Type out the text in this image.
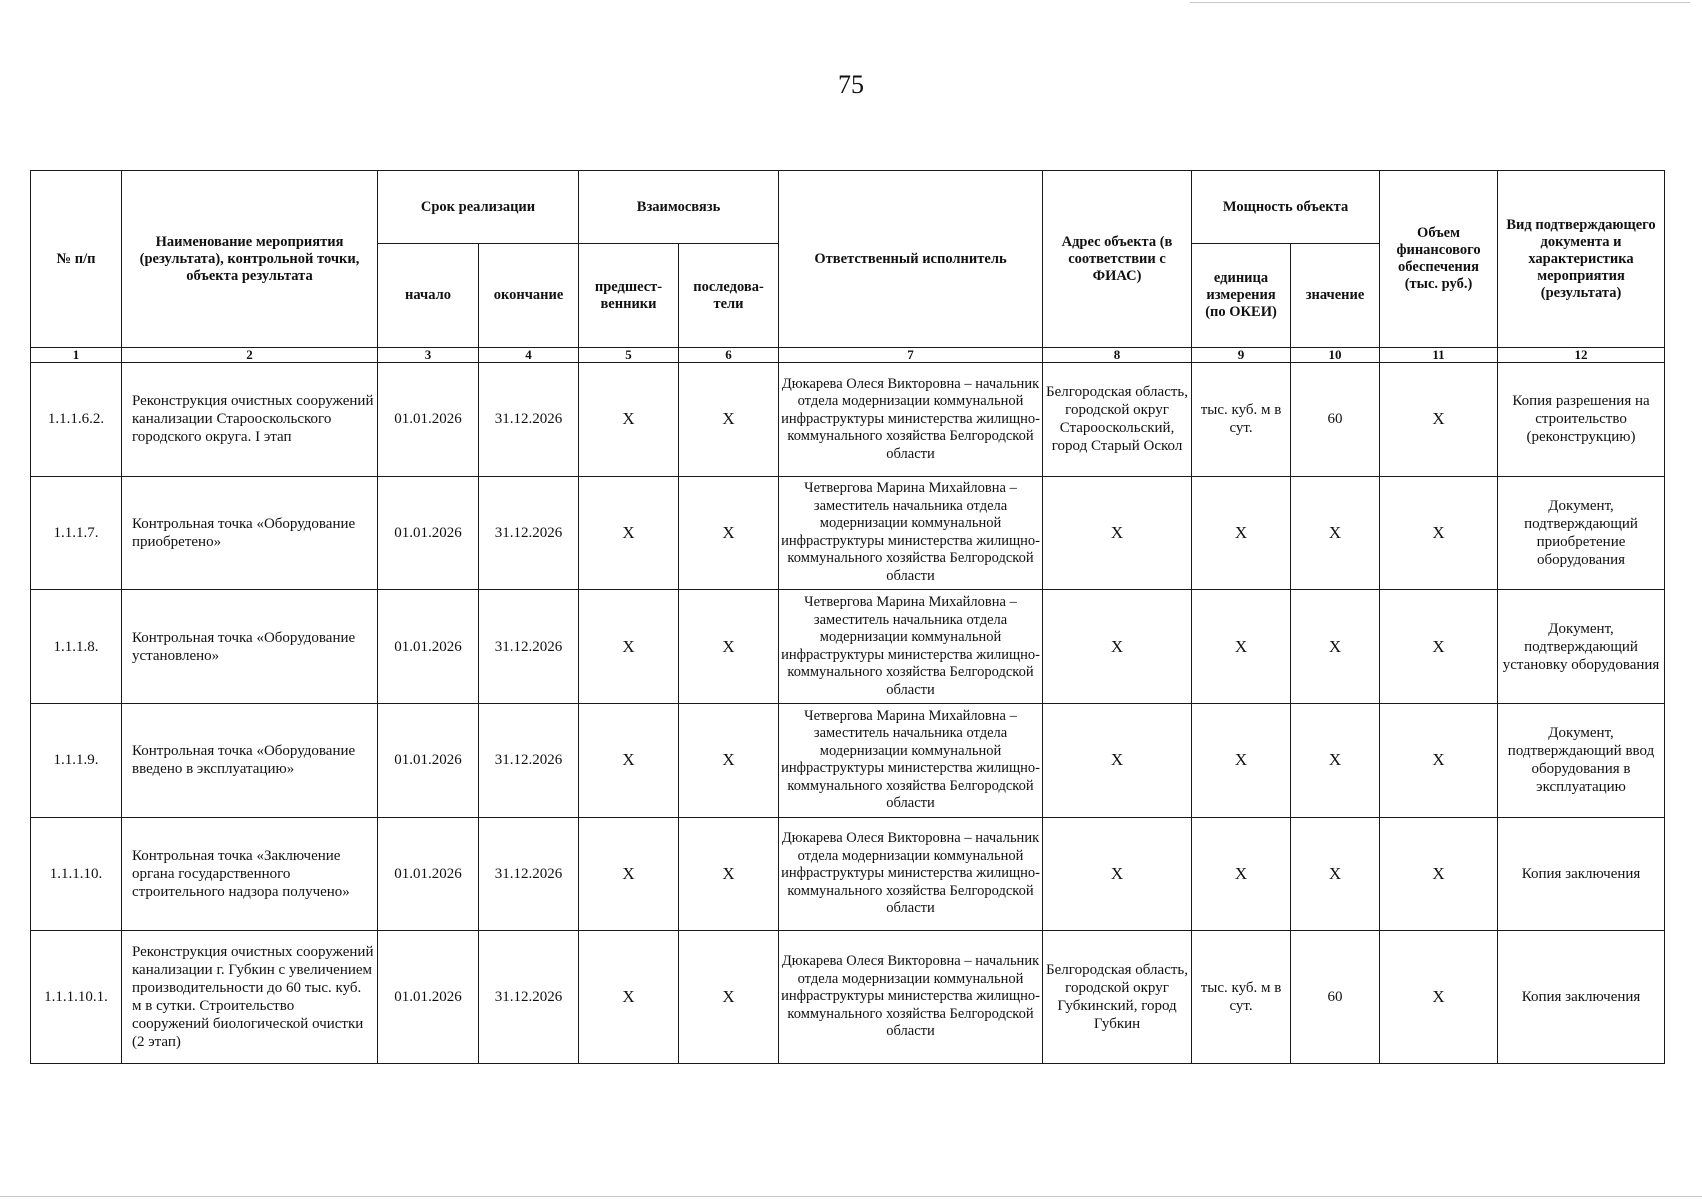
75
№ п/п	Наименование мероприятия (результата), контрольной точки, объекта результата	Срок реализации		Взаимосвязь		Ответственный исполнитель	Адрес объекта (в соответствии с ФИАС)	Мощность объекта		Объем финансового обеспечения (тыс. руб.)	Вид подтверждающего документа и характеристика мероприятия (результата)
		начало	окончание	предшест-венники	последова-тели			единица измерения (по ОКЕИ)	значение		
1	2	3	4	5	6	7	8	9	10	11	12
1.1.1.6.2.	Реконструкция очистных сооружений канализации Старооскольского городского округа. I этап	01.01.2026	31.12.2026	Х	Х	Дюкарева Олеся Викторовна – начальник отдела модернизации коммунальной инфраструктуры министерства жилищно-коммунального хозяйства Белгородской области	Белгородская область, городской округ Старооскольский, город Старый Оскол	тыс. куб. м в сут.	60	Х	Копия разрешения на строительство (реконструкцию)
1.1.1.7.	Контрольная точка «Оборудование приобретено»	01.01.2026	31.12.2026	Х	Х	Четвергова Марина Михайловна – заместитель начальника отдела модернизации коммунальной инфраструктуры министерства жилищно-коммунального хозяйства Белгородской области	Х	Х	Х	Х	Документ, подтверждающий приобретение оборудования
1.1.1.8.	Контрольная точка «Оборудование установлено»	01.01.2026	31.12.2026	Х	Х	Четвергова Марина Михайловна – заместитель начальника отдела модернизации коммунальной инфраструктуры министерства жилищно-коммунального хозяйства Белгородской области	Х	Х	Х	Х	Документ, подтверждающий установку оборудования
1.1.1.9.	Контрольная точка «Оборудование введено в эксплуатацию»	01.01.2026	31.12.2026	Х	Х	Четвергова Марина Михайловна – заместитель начальника отдела модернизации коммунальной инфраструктуры министерства жилищно-коммунального хозяйства Белгородской области	Х	Х	Х	Х	Документ, подтверждающий ввод оборудования в эксплуатацию
1.1.1.10.	Контрольная точка «Заключение органа государственного строительного надзора получено»	01.01.2026	31.12.2026	Х	Х	Дюкарева Олеся Викторовна – начальник отдела модернизации коммунальной инфраструктуры министерства жилищно-коммунального хозяйства Белгородской области	Х	Х	Х	Х	Копия заключения
1.1.1.10.1.	Реконструкция очистных сооружений канализации г. Губкин с увеличением производительности до 60 тыс. куб. м в сутки. Строительство сооружений биологической очистки (2 этап)	01.01.2026	31.12.2026	Х	Х	Дюкарева Олеся Викторовна – начальник отдела модернизации коммунальной инфраструктуры министерства жилищно-коммунального хозяйства Белгородской области	Белгородская область, городской округ Губкинский, город Губкин	тыс. куб. м в сут.	60	Х	Копия заключения
